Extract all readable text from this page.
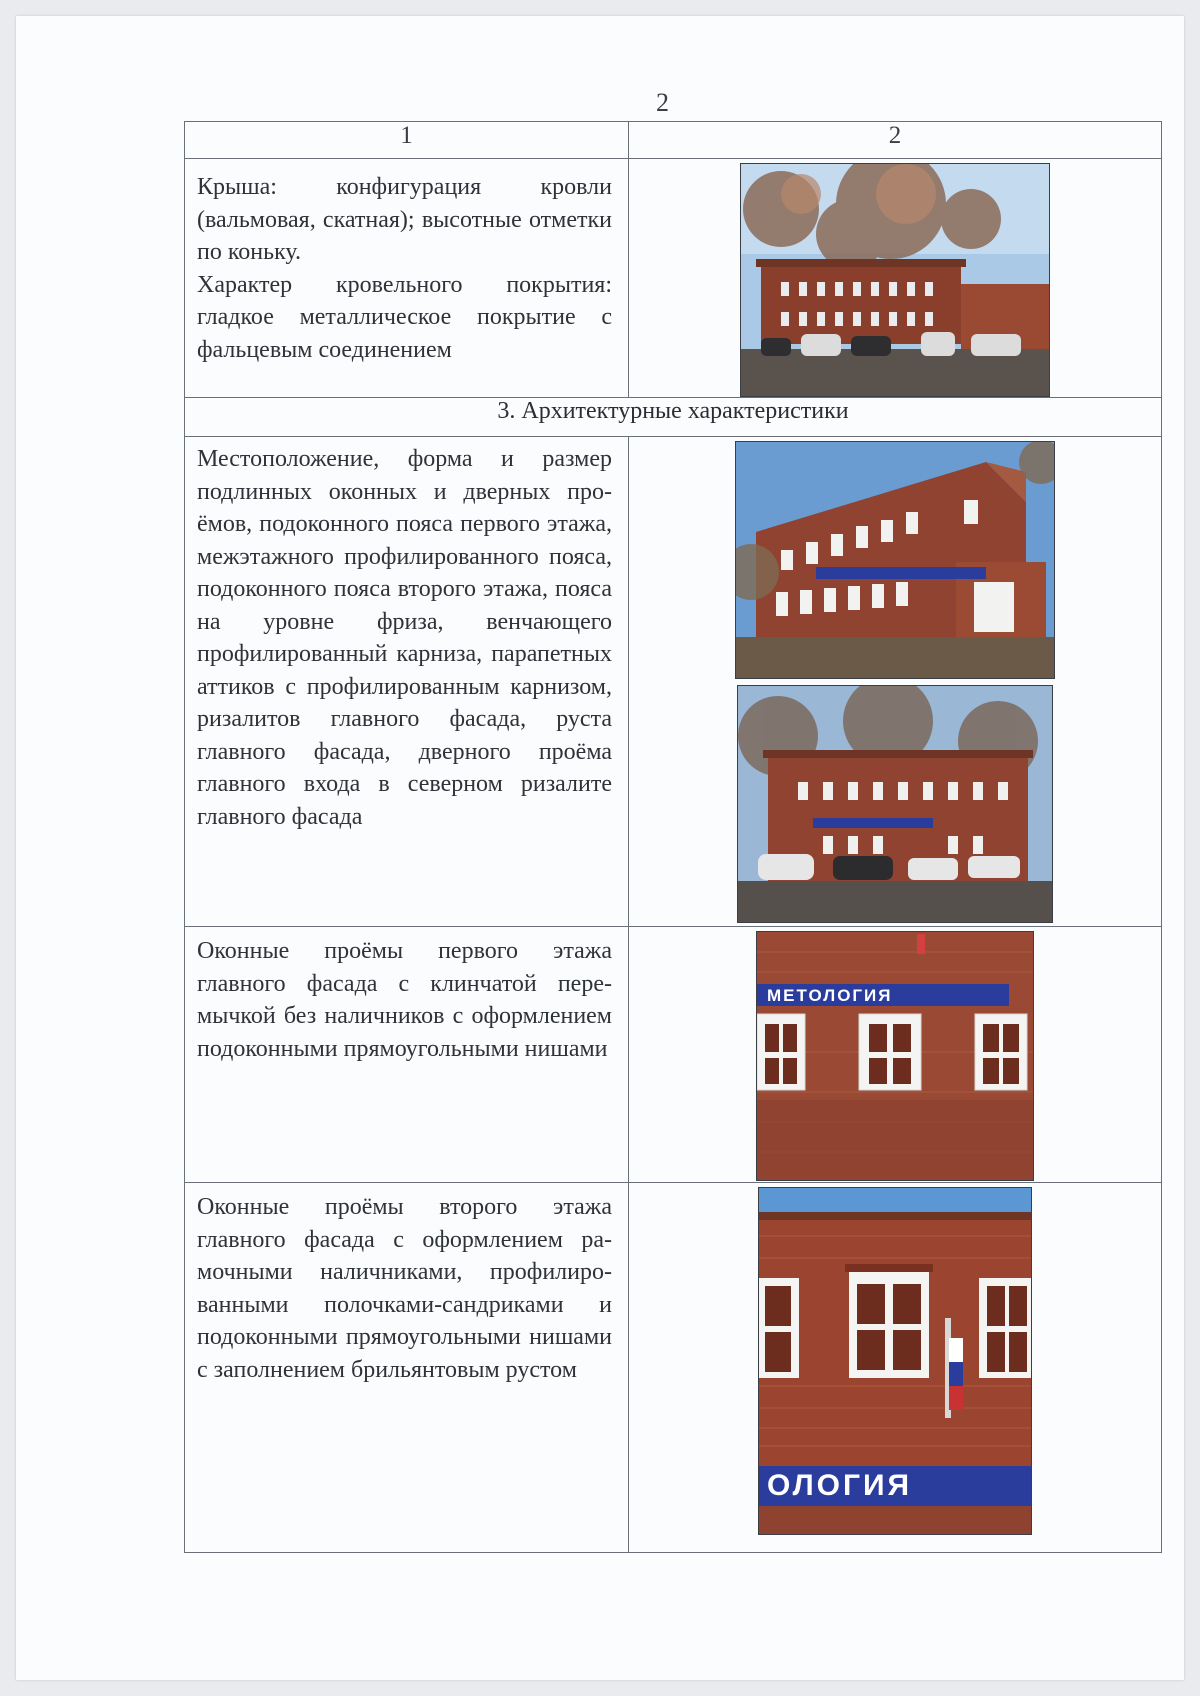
2
1	2

Крыша: конфигурация кровли (вальмовая, скатная); высотные отметки по коньку.

Характер кровельного покрытия: гладкое металлическое покрытие с фальцевым соединением

3. Архитектурные характеристики	

Местоположение, форма и размер подлинных оконных и дверных проёмов, подоконного пояса первого этажа, межэтажного профилированного пояса, подоконного пояса второго этажа, пояса на уровне фриза, венчающего профилированный карниза, парапетных аттиков с профилированным карнизом, ризалитов главного фасада, руста главного фасада, дверного проёма главного входа в северном ризалите главного фасада

Оконные проёмы первого этажа главного фасада с клинчатой перемычкой без наличников с оформлением подоконными прямоугольными нишами	МЕТОЛОГИЯ

Оконные проёмы второго этажа главного фасада с оформлением рамочными наличниками, профилированными полочками-сандриками и подоконными прямоугольными нишами с заполнением брильянтовым рустом	ОЛОГИЯ
